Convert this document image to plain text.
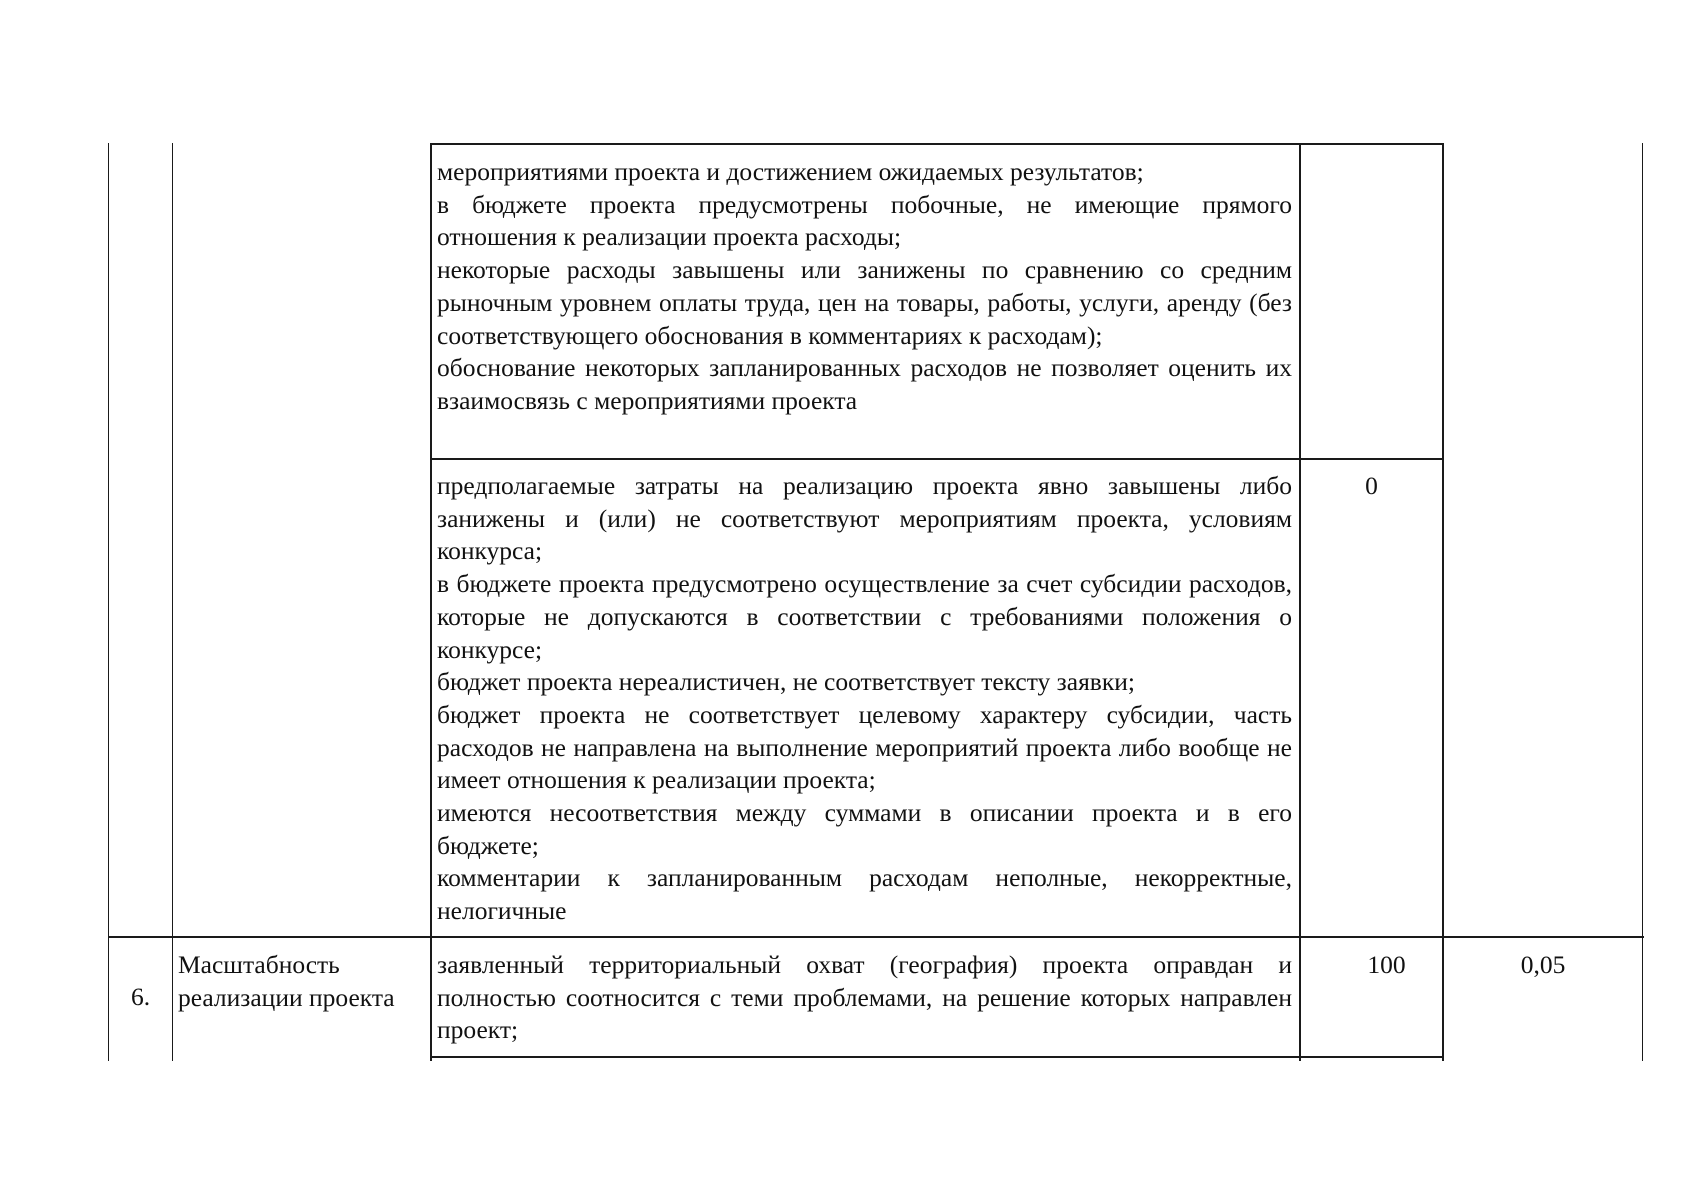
мероприятиями проекта и достижением ожидаемых результатов;
в бюджете проекта предусмотрены побочные, не имеющие прямого отношения к реализации проекта расходы;
некоторые расходы завышены или занижены по сравнению со средним рыночным уровнем оплаты труда, цен на товары, работы, услуги, аренду (без соответствующего обоснования в комментариях к расходам);
обоснование некоторых запланированных расходов не позволяет оценить их взаимосвязь с мероприятиями проекта
предполагаемые затраты на реализацию проекта явно завышены либо занижены и (или) не соответствуют мероприятиям проекта, условиям конкурса;
в бюджете проекта предусмотрено осуществление за счет субсидии расходов, которые не допускаются в соответствии с требованиями положения о конкурсе;
бюджет проекта нереалистичен, не соответствует тексту заявки;
бюджет проекта не соответствует целевому характеру субсидии, часть расходов не направлена на выполнение мероприятий проекта либо вообще не имеет отношения к реализации проекта;
имеются несоответствия между суммами в описании проекта и в его бюджете;
комментарии к запланированным расходам неполные, некорректные, нелогичные
0
6.
Масштабность
реализации проекта
заявленный территориальный охват (география) проекта оправдан и полностью соотносится с теми проблемами, на решение которых направлен проект;
100	0,05
